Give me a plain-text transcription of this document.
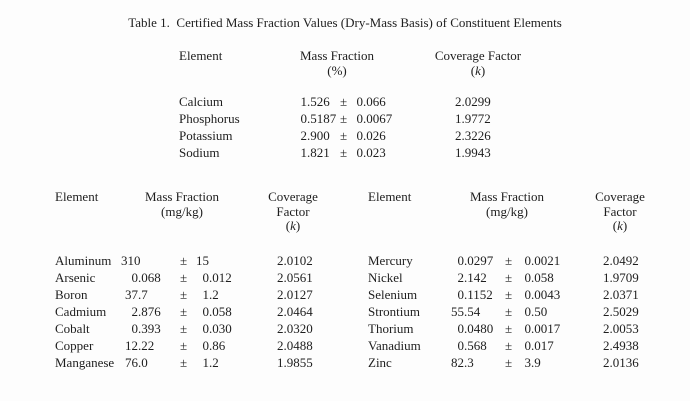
Table 1.  Certified Mass Fraction Values (Dry-Mass Basis) of Constituent Elements
Element	Mass Fraction
(%)
Coverage Factor
(k)
Calcium	1.526 ± 0.066	2.0299
Phosphorus	0.5187 ± 0.0067	1.9772
Potassium	2.900 ± 0.026	2.3226
Sodium	1.821 ± 0.023	1.9943
Element	Mass Fraction
(mg/kg)
Coverage
Factor
(k)
Aluminum 310	± 15	2.0102
Arsenic	0.068	±	0.012	2.0561
Boron	37.7	±	1.2	2.0127
Cadmium	2.876	±	0.058	2.0464
Cobalt	0.393	±	0.030	2.0320
Copper	12.22	±	0.86	2.0488
Manganese 76.0	±	1.2	1.9855
Element	Mass Fraction
(mg/kg)
Coverage
Factor
(k)
Mercury	0.0297 ± 0.0021	2.0492
Nickel	2.142	± 0.058	1.9709
Selenium	0.1152 ± 0.0043	2.0371
Strontium	55.54	± 0.50	2.5029
Thorium	0.0480 ± 0.0017	2.0053
Vanadium	0.568	± 0.017	2.4938
Zinc	82.3	± 3.9	2.0136
